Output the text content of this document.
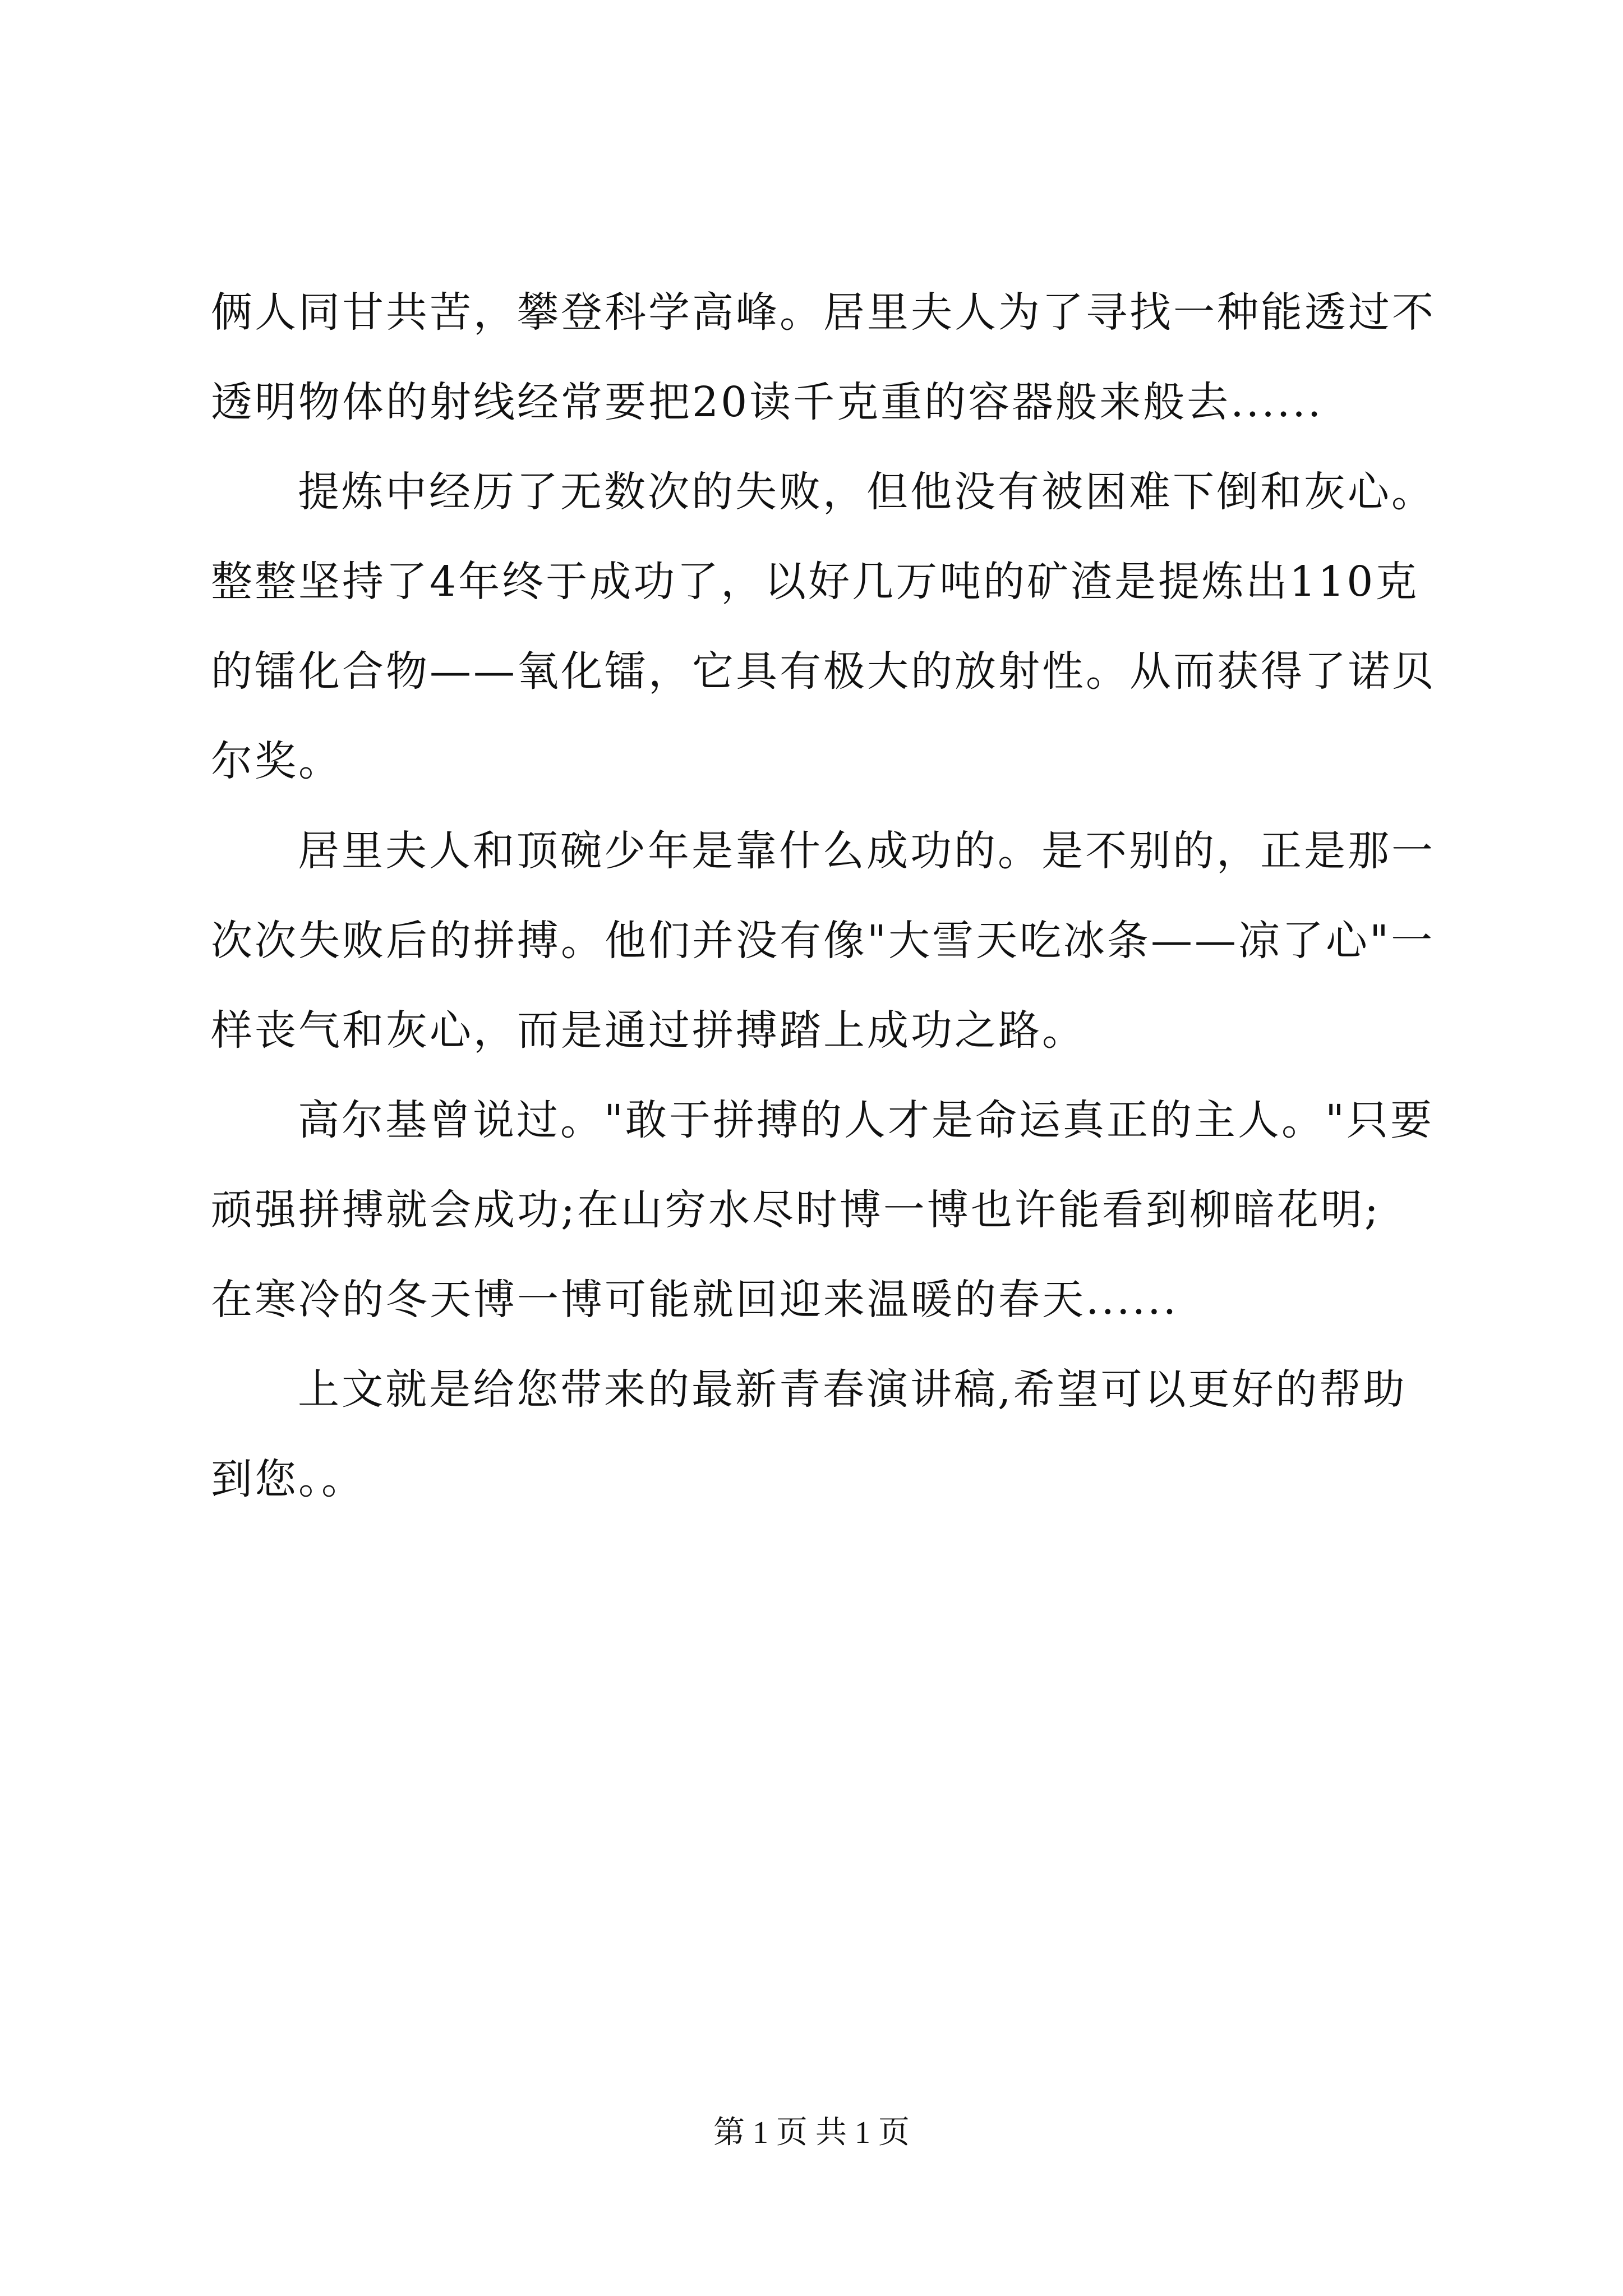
俩人同甘共苦，攀登科学高峰。居里夫人为了寻找一种能透过不
透明物体的射线经常要把20读千克重的容器般来般去......
提炼中经历了无数次的失败，但他没有被困难下倒和灰心。
整整坚持了4年终于成功了，以好几万吨的矿渣是提炼出110克
的镭化合物——氧化镭，它具有极大的放射性。从而获得了诺贝
尔奖。
居里夫人和顶碗少年是靠什么成功的。是不别的，正是那一
次次失败后的拼搏。他们并没有像"大雪天吃冰条——凉了心"一
样丧气和灰心，而是通过拼搏踏上成功之路。
高尔基曾说过。"敢于拼搏的人才是命运真正的主人。"只要
顽强拼搏就会成功;在山穷水尽时博一博也许能看到柳暗花明;
在寒冷的冬天博一博可能就回迎来温暖的春天......
上文就是给您带来的最新青春演讲稿,希望可以更好的帮助
到您。。
第 1 页 共 1 页
